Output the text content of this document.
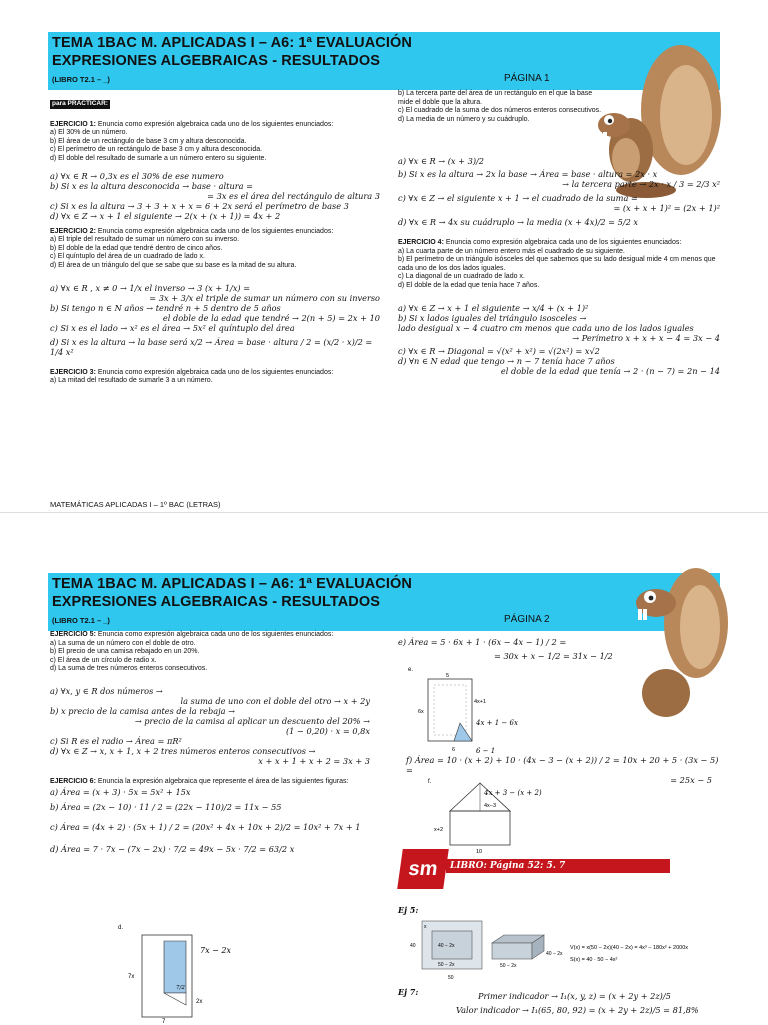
TEMA 1BAC M. APLICADAS I – A6: 1ª EVALUACIÓN
EXPRESIONES ALGEBRAICAS - RESULTADOS
(LIBRO T2.1 – _)	PÁGINA 1
para PRACTICAR:

EJERCICIO 1: Enuncia como expresión algebraica cada uno de los siguientes enunciados:

a) El 30% de un número.

b) El área de un rectángulo de base 3 cm y altura desconocida.

c) El perímetro de un rectángulo de base 3 cm y altura desconocida.

d) El doble del resultado de sumarle a un número entero su siguiente.

a) ∀x ∈ R → 0,3x es el 30% de ese numero

b) Si x es la altura desconocida → base · altura =

= 3x es el área del rectángulo de altura 3

c) Si x es la altura → 3 + 3 + x + x = 6 + 2x será el perímetro de base 3

d) ∀x ∈ Z → x + 1 el siguiente → 2(x + (x + 1)) = 4x + 2

EJERCICIO 2: Enuncia como expresión algebraica cada uno de los siguientes enunciados:

a) El triple del resultado de sumar un número con su inverso.

b) El doble de la edad que tendré dentro de cinco años.

c) El quíntuplo del área de un cuadrado de lado x.

d) El área de un triángulo del que se sabe que su base es la mitad de su altura.

a) ∀x ∈ R , x ≠ 0 → 1/x el inverso → 3 (x + 1/x) =

= 3x + 3/x el triple de sumar un número con su inverso

b) Si tengo n ∈ N años → tendré n + 5 dentro de 5 años

el doble de la edad que tendré → 2(n + 5) = 2x + 10

c) Si x es el lado → x² es el área → 5x² el quíntuplo del área

d) Si x es la altura → la base será x/2 → Área = base · altura / 2 = (x/2 · x)/2 = 1/4 x²

EJERCICIO 3: Enuncia como expresión algebraica cada uno de los siguientes enunciados:

a) La mitad del resultado de sumarle 3 a un número.

b) La tercera parte del área de un rectángulo en el que la base mide el doble que la altura.

c) El cuadrado de la suma de dos números enteros consecutivos.

d) La media de un número y su cuádruplo.

a) ∀x ∈ R → (x + 3)/2

b) Si x es la altura → 2x la base → Área = base · altura = 2x · x

→ la tercera parte → 2x · x / 3 = 2/3 x²

c) ∀x ∈ Z → el siguiente x + 1 → el cuadrado de la suma =

= (x + x + 1)² = (2x + 1)²

d) ∀x ∈ R → 4x su cuádruplo → la media (x + 4x)/2 = 5/2 x

EJERCICIO 4: Enuncia como expresión algebraica cada uno de los siguientes enunciados:

a) La cuarta parte de un número entero más el cuadrado de su siguiente.

b) El perímetro de un triángulo isósceles del que sabemos que su lado desigual mide 4 cm menos que cada uno de los dos lados iguales.

c) La diagonal de un cuadrado de lado x.

d) El doble de la edad que tenía hace 7 años.

a) ∀x ∈ Z → x + 1 el siguiente → x/4 + (x + 1)²

b) Si x lados iguales del triángulo isosceles →

lado desigual x − 4 cuatro cm menos que cada uno de los lados iguales

→ Perímetro x + x + x − 4 = 3x − 4

c) ∀x ∈ R → Diagonal = √(x² + x²) = √(2x²) = x√2

d) ∀n ∈ N edad que tengo → n − 7 tenía hace 7 años

el doble de la edad que tenía → 2 · (n − 7) = 2n − 14

MATEMÁTICAS APLICADAS I – 1º BAC (LETRAS)
TEMA 1BAC M. APLICADAS I – A6: 1ª EVALUACIÓN
EXPRESIONES ALGEBRAICAS - RESULTADOS
(LIBRO T2.1 – _)	PÁGINA 2

EJERCICIO 5: Enuncia como expresión algebraica cada uno de los siguientes enunciados:

a) La suma de un número con el doble de otro.

b) El precio de una camisa rebajado en un 20%.

c) El área de un círculo de radio x.

d) La suma de tres números enteros consecutivos.

a) ∀x, y ∈ R dos números →

la suma de uno con el doble del otro → x + 2y

b) x precio de la camisa antes de la rebaja →

→ precio de la camisa al aplicar un descuento del 20% →

(1 − 0,20) · x = 0,8x

c) Si R es el radio → Área = πR²

d) ∀x ∈ Z → x, x + 1, x + 2 tres números enteros consecutivos →

x + x + 1 + x + 2 = 3x + 3

EJERCICIO 6: Enuncia la expresión algebraica que represente el área de las siguientes figuras:

a) Área = (x + 3) · 5x = 5x² + 15x

b) Área = (2x − 10) · 11 / 2 = (22x − 110)/2 = 11x − 55

c) Área = (4x + 2) · (5x + 1) / 2 = (20x² + 4x + 10x + 2)/2 = 10x² + 7x + 1

d) Área = 7 · 7x − (7x − 2x) · 7/2 = 49x − 5x · 7/2 = 63/2 x

d.
7x − 2x
7x
7/2
2x
7

e) Área = 5 · 6x + 1 · (6x − 4x − 1) / 2 =

= 30x + x − 1/2 = 31x − 1/2

e.
5
4x+1
6x
4x + 1 − 6x
6	6 − 1

f) Área = 10 · (x + 2) + 10 · (4x − 3 − (x + 2)) / 2 = 10x + 20 + 5 · (3x − 5) =

= 25x − 5

f.
4x + 3 − (x + 2)
4x−3
x+2
10
sm	LIBRO: Página 52: 5. 7
Ej 5:
40 − 2x
50 − 2x
40
50
x
40 − 2x
50 − 2x
V(x) = x(50 − 2x)(40 − 2x) = 4x³ − 180x² + 2000x
S(x) = 40 · 50 − 4x²
Ej 7:	Primer indicador → I₁(x, y, z) = (x + 2y + 2z)/5

Valor indicador → I₁(65, 80, 92) = (x + 2y + 2z)/5 = 81,8%
